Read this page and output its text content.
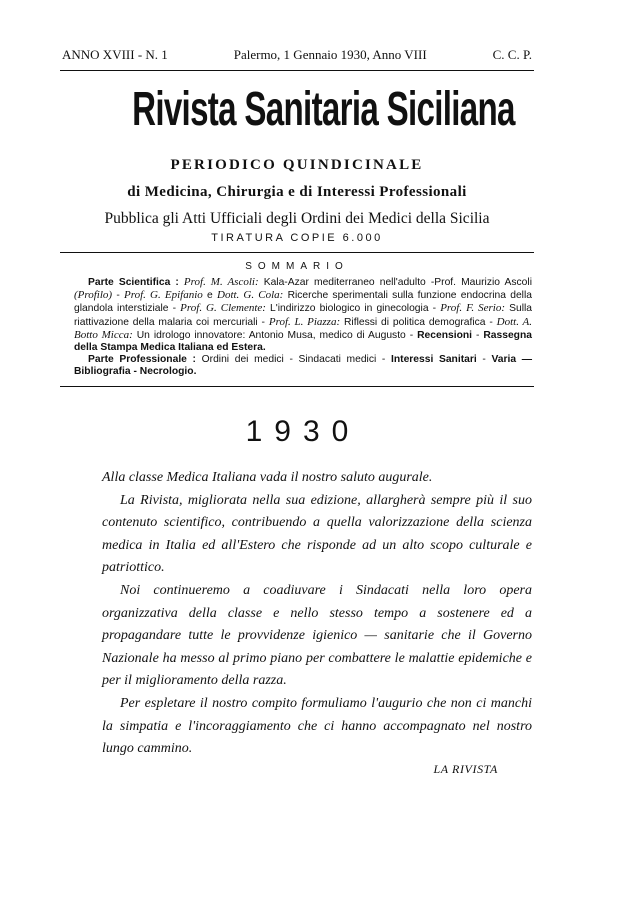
ANNO XVIII - N. 1	Palermo, 1 Gennaio 1930, Anno VIII	C. C. P.
Rivista Sanitaria Siciliana
PERIODICO QUINDICINALE
di Medicina, Chirurgia e di Interessi Professionali
Pubblica gli Atti Ufficiali degli Ordini dei Medici della Sicilia
TIRATURA COPIE 6.000
SOMMARIO

Parte Scientifica : Prof. M. Ascoli: Kala-Azar mediterraneo nell'adulto -Prof. Maurizio Ascoli (Profilo) - Prof. G. Epifanio e Dott. G. Cola: Ricerche sperimentali sulla funzione endocrina della glandola interstiziale - Prof. G. Clemente: L'indirizzo biologico in ginecologia - Prof. F. Serio: Sulla riattivazione della malaria coi mercuriali - Prof. L. Piazza: Riflessi di politica demografica - Dott. A. Botto Micca: Un idrologo innovatore: Antonio Musa, medico di Augusto - Recensioni - Rassegna della Stampa Medica Italiana ed Estera.

Parte Professionale : Ordini dei medici - Sindacati medici - Interessi Sanitari - Varia — Bibliografia - Necrologio.

1930

Alla classe Medica Italiana vada il nostro saluto augurale.

La Rivista, migliorata nella sua edizione, allargherà sempre più il suo contenuto scientifico, contribuendo a quella valorizzazione della scienza medica in Italia ed all'Estero che risponde ad un alto scopo culturale e patriottico.

Noi continueremo a coadiuvare i Sindacati nella loro opera organizzativa della classe e nello stesso tempo a sostenere ed a propagandare tutte le provvidenze igienico — sanitarie che il Governo Nazionale ha messo al primo piano per combattere le malattie epidemiche e per il miglioramento della razza.

Per espletare il nostro compito formuliamo l'augurio che non ci manchi la simpatia e l'incoraggiamento che ci hanno accompagnato nel nostro lungo cammino.

LA RIVISTA
